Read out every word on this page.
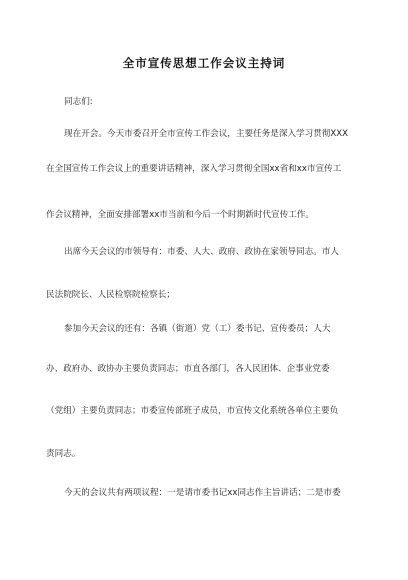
全市宣传思想工作会议主持词
同志们:
现在开会。今天市委召开全市宣传工作会议，主要任务是深入学习贯彻XXX
在全国宣传工作会议上的重要讲话精神，深入学习贯彻全国xx省和xx市宣传工
作会议精神，全面安排部署xx市当前和今后一个时期新时代宣传工作。
出席今天会议的市领导有：市委、人大、政府、政协在家领导同志。市人
民法院院长、人民检察院检察长；
参加今天会议的还有：各镇（街道）党（工）委书记、宣传委员；人大
办、政府办、政协办主要负责同志；市直各部门，各人民团体、企事业党委
（党组）主要负责同志；市委宣传部班子成员，市宣传文化系统各单位主要负
责同志。
今天的会议共有两项议程：一是请市委书记xx同志作主旨讲话；二是市委
